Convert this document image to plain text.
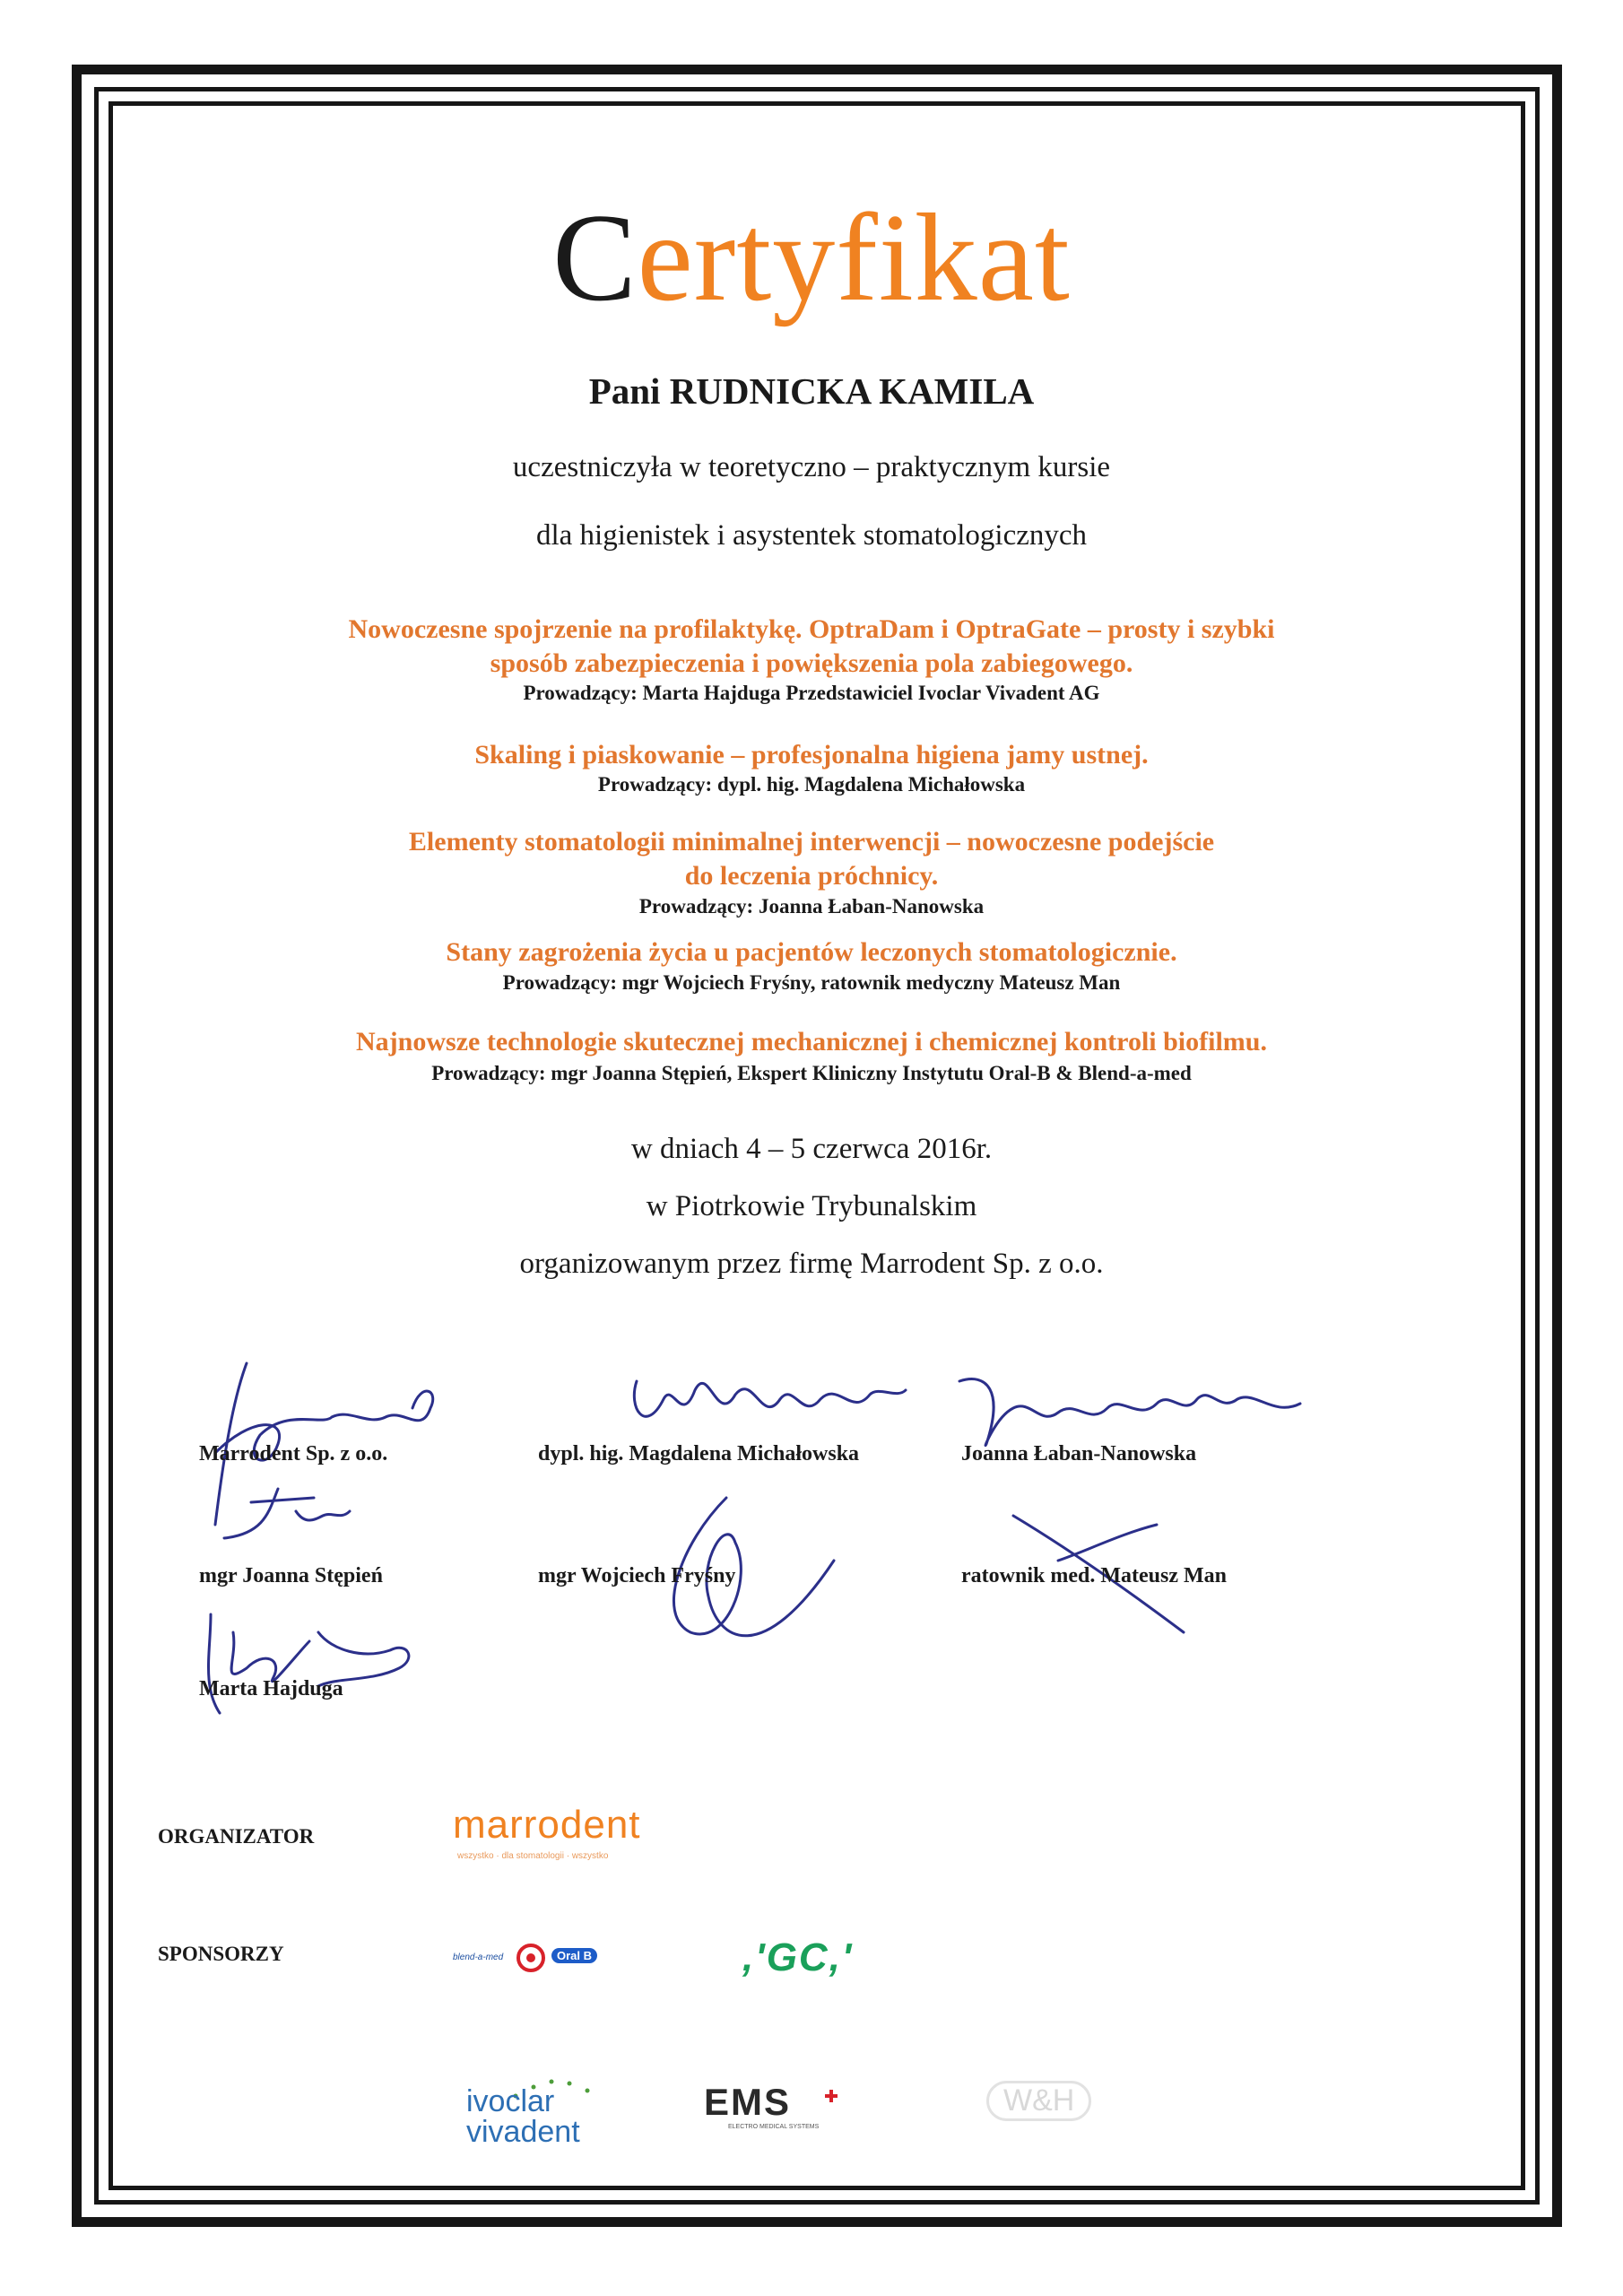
Certyfikat
Pani RUDNICKA KAMILA
uczestniczyła w teoretyczno – praktycznym kursie
dla higienistek i asystentek stomatologicznych
Nowoczesne spojrzenie na profilaktykę. OptraDam i OptraGate – prosty i szybki
sposób zabezpieczenia i powiększenia pola zabiegowego.
Prowadzący: Marta Hajduga Przedstawiciel Ivoclar Vivadent AG
Skaling i piaskowanie – profesjonalna higiena jamy ustnej.
Prowadzący: dypl. hig. Magdalena Michałowska
Elementy stomatologii minimalnej interwencji – nowoczesne podejście
do leczenia próchnicy.
Prowadzący: Joanna Łaban-Nanowska
Stany zagrożenia życia u pacjentów leczonych stomatologicznie.
Prowadzący: mgr Wojciech Fryśny, ratownik medyczny Mateusz Man
Najnowsze technologie skutecznej mechanicznej i chemicznej kontroli biofilmu.
Prowadzący: mgr Joanna Stępień, Ekspert Kliniczny Instytutu Oral-B & Blend-a-med
w dniach 4 – 5 czerwca 2016r.
w Piotrkowie Trybunalskim
organizowanym przez firmę Marrodent Sp. z o.o.
Marrodent Sp. z o.o.	dypl. hig. Magdalena Michałowska	Joanna Łaban-Nanowska
mgr Joanna Stępień	mgr Wojciech Fryśny	ratownik med. Mateusz Man
Marta Hajduga
ORGANIZATOR
SPONSORZY
marrodent
wszystko · dla stomatologii · wszystko
blend-a-med	Oral B	,'GC,'
ivoclar
vivadent
EMS
ELECTRO MEDICAL SYSTEMS
W&H
